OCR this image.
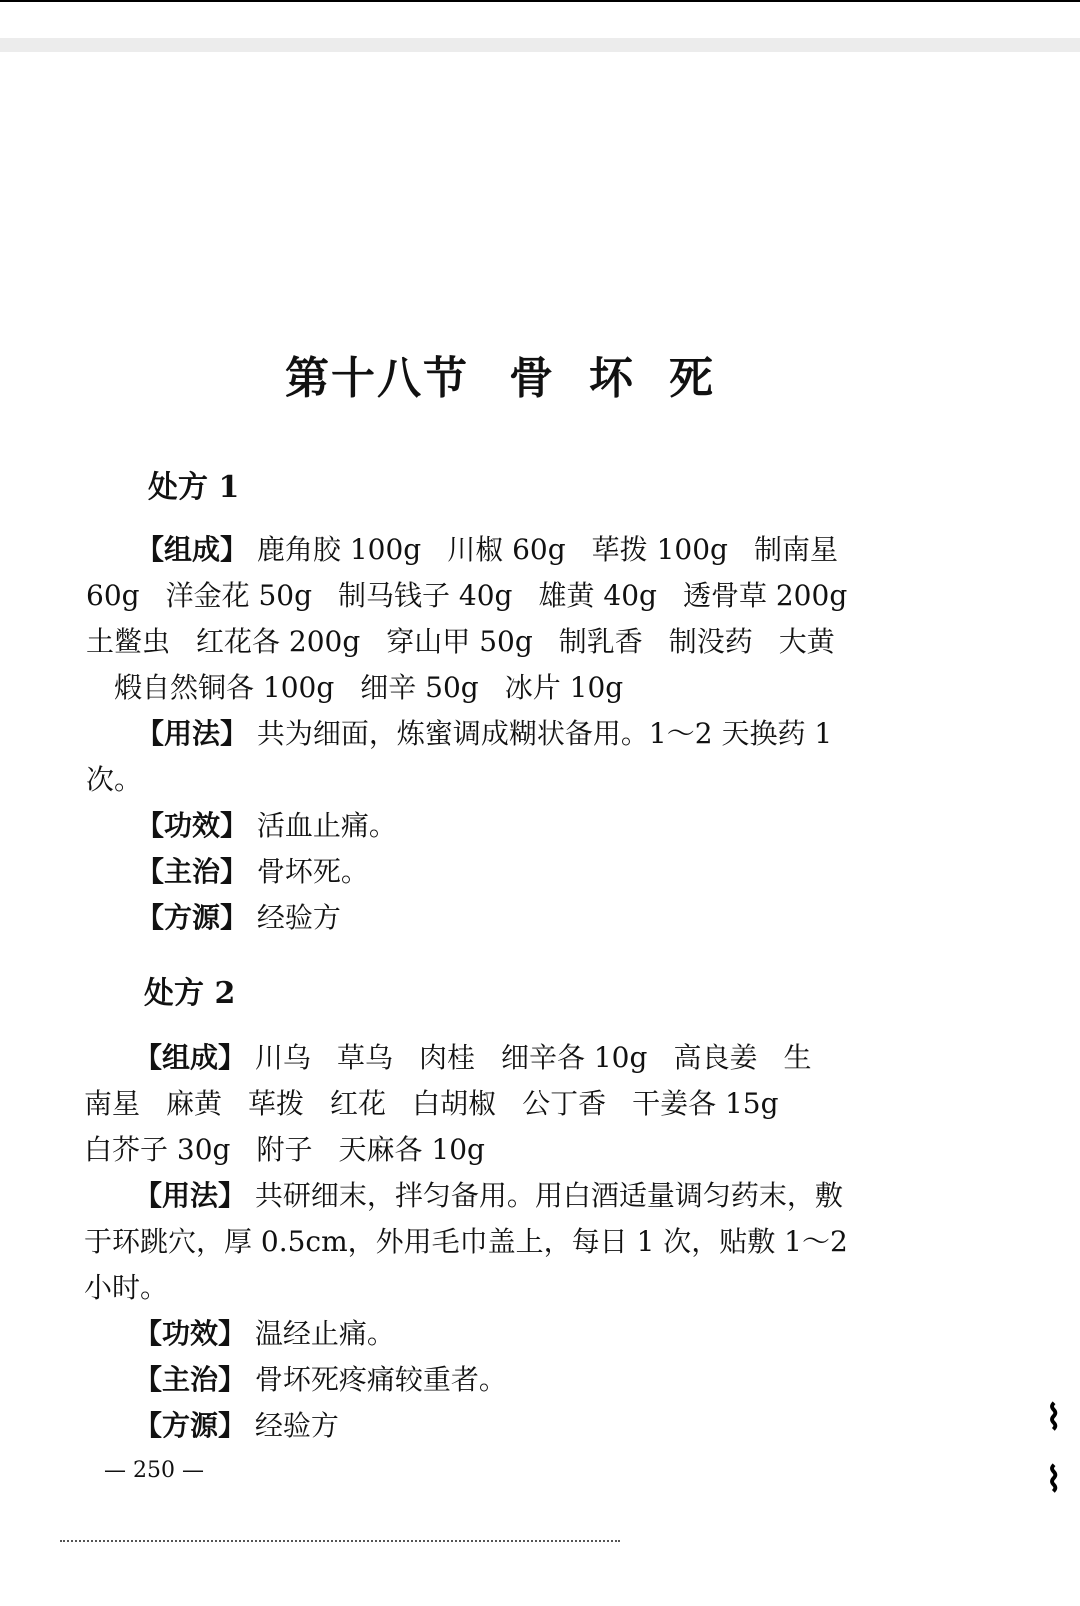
第十八节 骨 坏 死
处方 1
【组成】 鹿角胶 100g 川椒 60g 荜拨 100g 制南星
60g 洋金花 50g 制马钱子 40g 雄黄 40g 透骨草 200g
土鳖虫 红花各 200g 穿山甲 50g 制乳香 制没药 大黄
煅自然铜各 100g 细辛 50g 冰片 10g
【用法】 共为细面，炼蜜调成糊状备用。1～2 天换药 1
次。
【功效】 活血止痛。
【主治】 骨坏死。
【方源】 经验方
处方 2
【组成】 川乌 草乌 肉桂 细辛各 10g 高良姜 生
南星 麻黄 荜拨 红花 白胡椒 公丁香 干姜各 15g
白芥子 30g 附子 天麻各 10g
【用法】 共研细末，拌匀备用。用白酒适量调匀药末，敷
于环跳穴，厚 0.5cm，外用毛巾盖上，每日 1 次，贴敷 1～2
小时。
【功效】 温经止痛。
【主治】 骨坏死疼痛较重者。
【方源】 经验方
— 250 —
⌇
⌇
